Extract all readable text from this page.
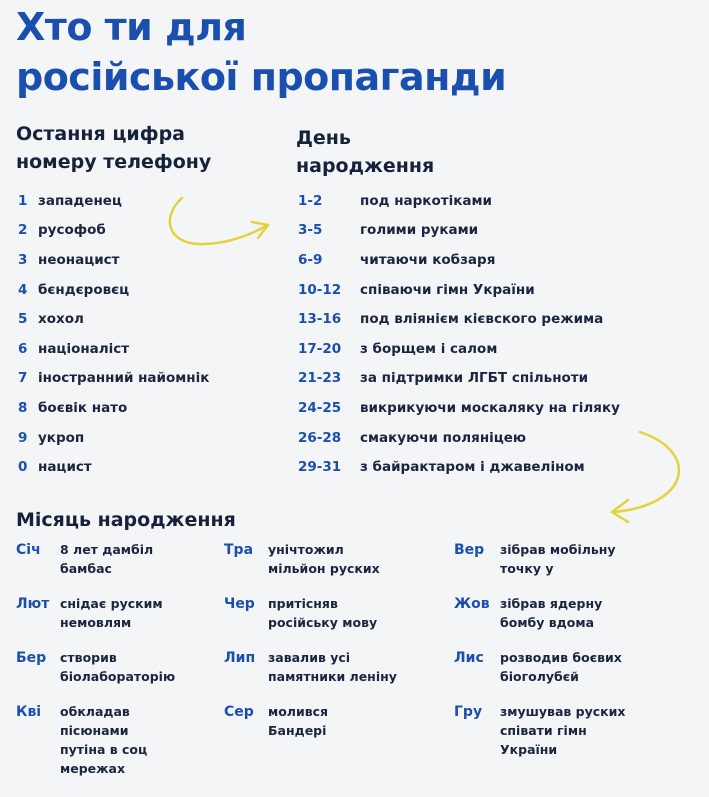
Хто ти для
російської пропаганди
Остання цифра
номеру телефону
День
народження
1 западенец
2 русофоб
3 неонацист
4 бєндєровєц
5 хохол
6 націоналіст
7 іностранний найомнік
8 боєвік нато
9 укроп
0 нацист
1-2	под наркотіками
3-5	голими руками
6-9	читаючи кобзаря
10-12	співаючи гімн України
13-16	под вліянієм кієвского режима
17-20	з борщем і салом
21-23	за підтримки ЛГБТ спільноти
24-25	викрикуючи москаляку на гіляку
26-28	смакуючи поляніцею
29-31	з байрактаром і джавеліном
Місяць народження
Січ	8 лет дамбіл
бамбас
Тра	унічтожил
мільйон руских
Вер	зібрав мобільну
точку у
Лют снідає руским
немовлям
Чер	притісняв
російську мову
Жов зібрав ядерну
бомбу вдома
Бер	створив
біолабораторію
Лип	завалив усі
памятники леніну
Лис	розводив боєвих
біоголубєй
Кві	обкладав
пісюнами
путіна в соц
мережах
Сер	молився
Бандері
Гру	змушував руских
співати гімн
України
